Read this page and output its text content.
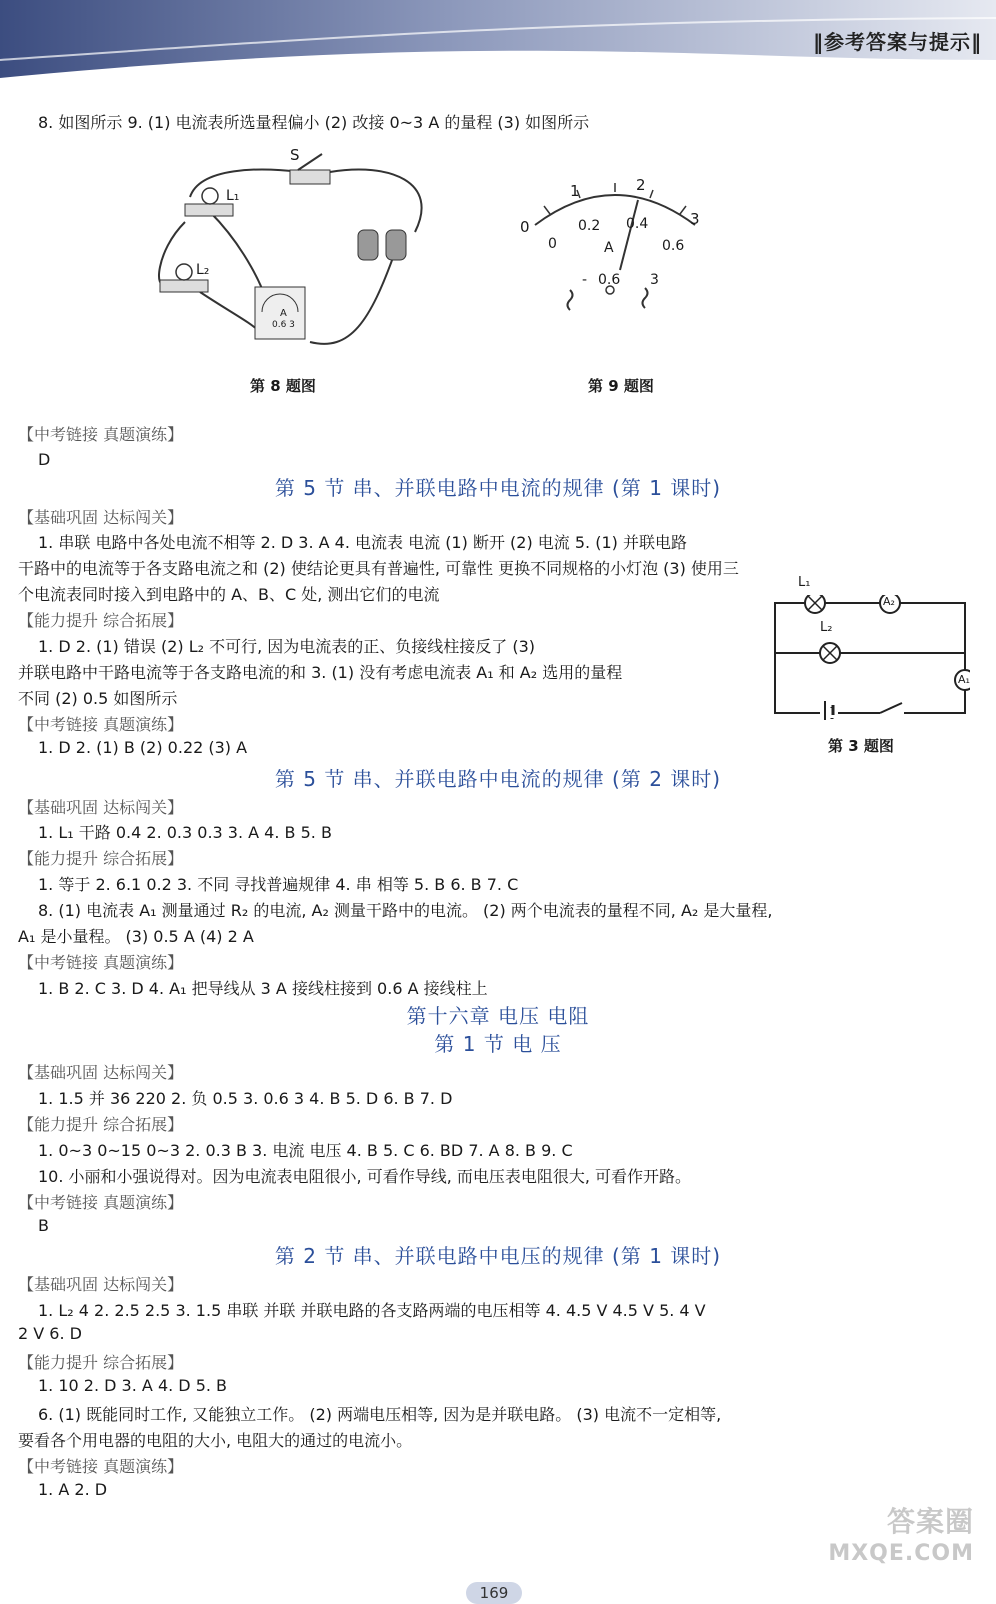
‖参考答案与提示‖
8. 如图所示 9. (1) 电流表所选量程偏小 (2) 改接 0~3 A 的量程 (3) 如图所示
S
L₁
L₂
A
0.6 3
第 8 题图
0
1	2
3
0
0.2 0.4
0.6
A
- 0.6 3
第 9 题图
【中考链接 真题演练】
D
第 5 节 串、并联电路中电流的规律 (第 1 课时)
【基础巩固 达标闯关】
1. 串联 电路中各处电流不相等 2. D 3. A 4. 电流表 电流 (1) 断开 (2) 电流 5. (1) 并联电路
干路中的电流等于各支路电流之和 (2) 使结论更具有普遍性, 可靠性 更换不同规格的小灯泡 (3) 使用三
个电流表同时接入到电路中的 A、B、C 处, 测出它们的电流
【能力提升 综合拓展】
1. D 2. (1) 错误 (2) L₂ 不可行, 因为电流表的正、负接线柱接反了 (3)
并联电路中干路电流等于各支路电流的和 3. (1) 没有考虑电流表 A₁ 和 A₂ 选用的量程
不同 (2) 0.5 如图所示
【中考链接 真题演练】
1. D 2. (1) B (2) 0.22 (3) A
L₁
A₂
L₂
A₁
第 3 题图
第 5 节 串、并联电路中电流的规律 (第 2 课时)
【基础巩固 达标闯关】
1. L₁ 干路 0.4 2. 0.3 0.3 3. A 4. B 5. B
【能力提升 综合拓展】
1. 等于 2. 6.1 0.2 3. 不同 寻找普遍规律 4. 串 相等 5. B 6. B 7. C
8. (1) 电流表 A₁ 测量通过 R₂ 的电流, A₂ 测量干路中的电流。 (2) 两个电流表的量程不同, A₂ 是大量程,
A₁ 是小量程。 (3) 0.5 A (4) 2 A
【中考链接 真题演练】
1. B 2. C 3. D 4. A₁ 把导线从 3 A 接线柱接到 0.6 A 接线柱上
第十六章 电压 电阻
第 1 节 电 压
【基础巩固 达标闯关】
1. 1.5 并 36 220 2. 负 0.5 3. 0.6 3 4. B 5. D 6. B 7. D
【能力提升 综合拓展】
1. 0~3 0~15 0~3 2. 0.3 B 3. 电流 电压 4. B 5. C 6. BD 7. A 8. B 9. C
10. 小丽和小强说得对。因为电流表电阻很小, 可看作导线, 而电压表电阻很大, 可看作开路。
【中考链接 真题演练】
B
第 2 节 串、并联电路中电压的规律 (第 1 课时)
【基础巩固 达标闯关】
1. L₂ 4 2. 2.5 2.5 3. 1.5 串联 并联 并联电路的各支路两端的电压相等 4. 4.5 V 4.5 V 5. 4 V
2 V 6. D
【能力提升 综合拓展】
1. 10 2. D 3. A 4. D 5. B
6. (1) 既能同时工作, 又能独立工作。 (2) 两端电压相等, 因为是并联电路。 (3) 电流不一定相等,
要看各个用电器的电阻的大小, 电阻大的通过的电流小。
【中考链接 真题演练】
1. A 2. D
169
答案圈
MXQE.COM
